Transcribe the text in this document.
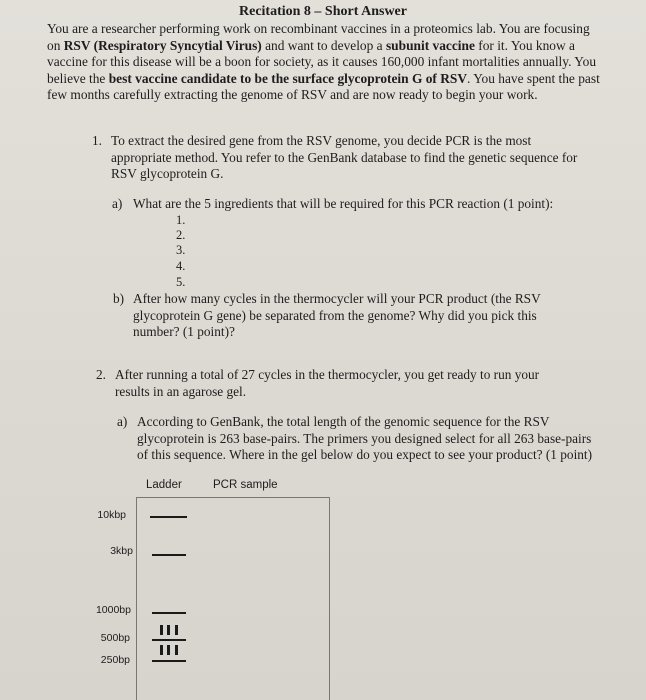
Recitation 8 – Short Answer
You are a researcher performing work on recombinant vaccines in a proteomics lab. You are focusing on RSV (Respiratory Syncytial Virus) and want to develop a subunit vaccine for it. You know a vaccine for this disease will be a boon for society, as it causes 160,000 infant mortalities annually. You believe the best vaccine candidate to be the surface glycoprotein G of RSV. You have spent the past few months carefully extracting the genome of RSV and are now ready to begin your work.
1. To extract the desired gene from the RSV genome, you decide PCR is the most appropriate method. You refer to the GenBank database to find the genetic sequence for RSV glycoprotein G.
a) What are the 5 ingredients that will be required for this PCR reaction (1 point):
1.
2.
3.
4.
5.
b) After how many cycles in the thermocycler will your PCR product (the RSV glycoprotein G gene) be separated from the genome? Why did you pick this number? (1 point)?
2. After running a total of 27 cycles in the thermocycler, you get ready to run your results in an agarose gel.
a) According to GenBank, the total length of the genomic sequence for the RSV glycoprotein is 263 base-pairs. The primers you designed select for all 263 base-pairs of this sequence. Where in the gel below do you expect to see your product? (1 point)
Ladder	PCR sample
10kbp
3kbp
1000bp
500bp
250bp
